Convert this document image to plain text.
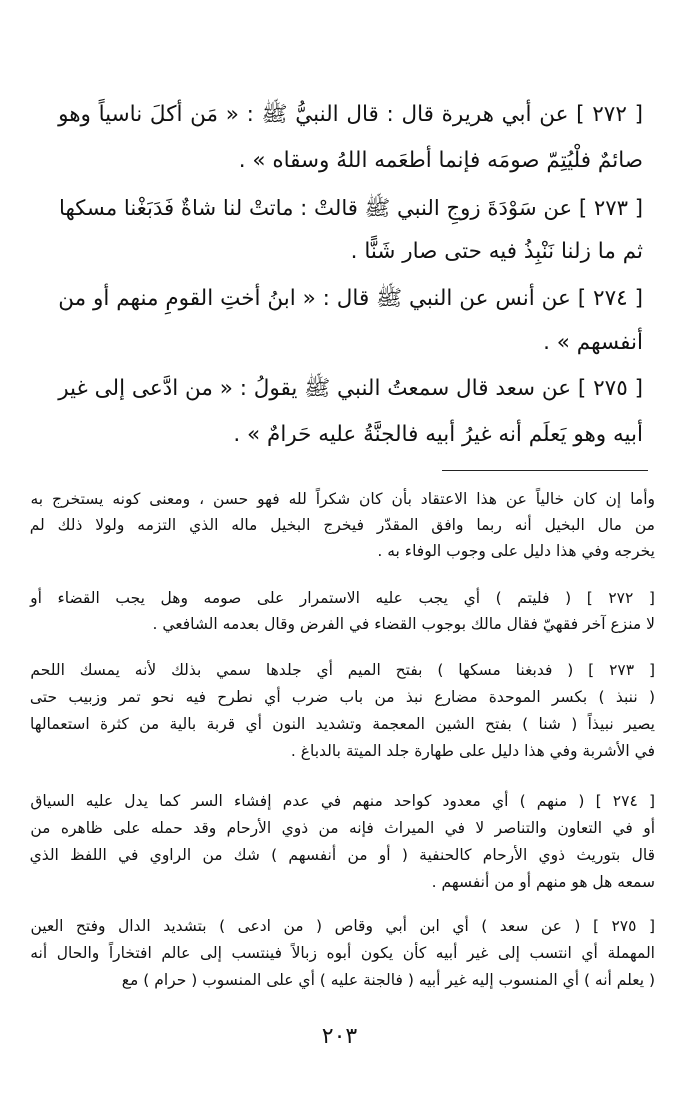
[ ٢٧٢ ] عن أبي هريرة قال : قال النبيُّ ﷺ : « مَن أكلَ ناسياً وهو
صائمٌ فلْيُتِمّ صومَه فإنما أطعَمه اللهُ وسقاه » .
[ ٢٧٣ ] عن سَوْدَةَ زوجِ النبي ﷺ قالتْ : ماتتْ لنا شاةٌ فَدَبَغْنا مسكها
ثم ما زلنا نَنْبِذُ فيه حتى صار شَنًّا .
[ ٢٧٤ ] عن أنس عن النبي ﷺ قال : « ابنُ أختِ القومِ منهم أو من
أنفسهم » .
[ ٢٧٥ ] عن سعد قال سمعتُ النبي ﷺ يقولُ : « من ادَّعى إلى غير
أبيه وهو يَعلَم أنه غيرُ أبيه فالجنَّةُ عليه حَرامٌ » .
وأما إن كان خالياً عن هذا الاعتقاد بأن كان شكراً لله فهو حسن ، ومعنى كونه يستخرج به
من مال البخيل أنه ربما وافق المقدّر فيخرج البخيل ماله الذي التزمه ولولا ذلك لم
يخرجه وفي هذا دليل على وجوب الوفاء به .
[ ٢٧٢ ] ( فليتم ) أي يجب عليه الاستمرار على صومه وهل يجب القضاء أو
لا منزع آخر فقهيّ فقال مالك بوجوب القضاء في الفرض وقال بعدمه الشافعي .
[ ٢٧٣ ] ( فدبغنا مسكها ) بفتح الميم أي جلدها سمي بذلك لأنه يمسك اللحم
( ننبذ ) بكسر الموحدة مضارع نبذ من باب ضرب أي نطرح فيه نحو تمر وزبيب حتى
يصير نبيذاً ( شنا ) بفتح الشين المعجمة وتشديد النون أي قربة بالية من كثرة استعمالها
في الأشربة وفي هذا دليل على طهارة جلد الميتة بالدباغ .
[ ٢٧٤ ] ( منهم ) أي معدود كواحد منهم في عدم إفشاء السر كما يدل عليه السياق
أو في التعاون والتناصر لا في الميراث فإنه من ذوي الأرحام وقد حمله على ظاهره من
قال بتوريث ذوي الأرحام كالحنفية ( أو من أنفسهم ) شك من الراوي في اللفظ الذي
سمعه هل هو منهم أو من أنفسهم .
[ ٢٧٥ ] ( عن سعد ) أي ابن أبي وقاص ( من ادعى ) بتشديد الدال وفتح العين
المهملة أي انتسب إلى غير أبيه كأن يكون أبوه زبالاً فينتسب إلى عالم افتخاراً والحال أنه
( يعلم أنه ) أي المنسوب إليه غير أبيه ( فالجنة عليه ) أي على المنسوب ( حرام ) مع
٢٠٣
